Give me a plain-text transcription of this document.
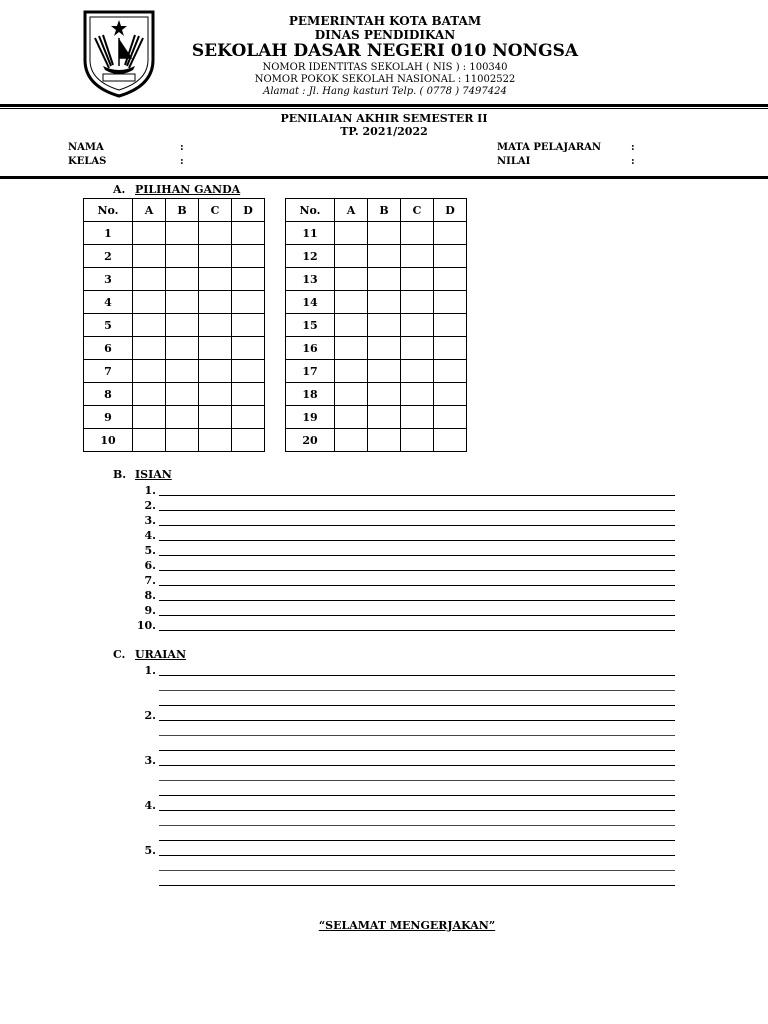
PEMERINTAH KOTA BATAM
DINAS PENDIDIKAN
SEKOLAH DASAR NEGERI 010 NONGSA
NOMOR IDENTITAS SEKOLAH ( NIS ) : 100340
NOMOR POKOK SEKOLAH NASIONAL : 11002522
Alamat : Jl. Hang kasturi Telp. ( 0778 ) 7497424
PENILAIAN AKHIR SEMESTER II
TP. 2021/2022
NAMA	:
KELAS	:
MATA PELAJARAN	:
NILAI	:
A. PILIHAN GANDA
No.	A	B	C	D
1				
2				
3				
4				
5				
6				
7				
8				
9				
10				
No.	A	B	C	D
11				
12				
13				
14				
15				
16				
17				
18				
19				
20				
B. ISIAN
1.
2.
3.
4.
5.
6.
7.
8.
9.
10.
C. URAIAN
1.
2.
3.
4.
5.
“SELAMAT MENGERJAKAN”
